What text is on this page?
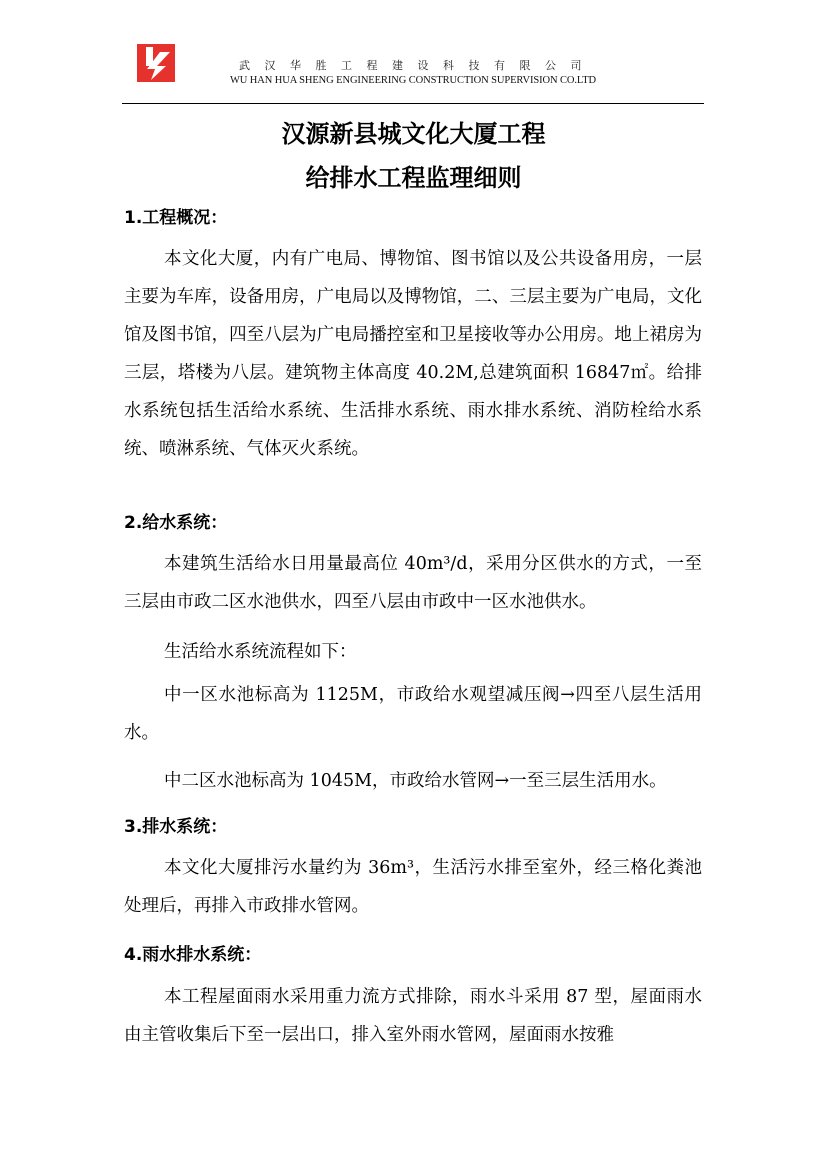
武 汉 华 胜 工 程 建 设 科 技 有 限 公 司
WU HAN HUA SHENG ENGINEERING CONSTRUCTION SUPERVISION CO.LTD
汉源新县城文化大厦工程
给排水工程监理细则
1.工程概况：

本文化大厦，内有广电局、博物馆、图书馆以及公共设备用房，一层主要为车库，设备用房，广电局以及博物馆，二、三层主要为广电局，文化馆及图书馆，四至八层为广电局播控室和卫星接收等办公用房。地上裙房为三层，塔楼为八层。建筑物主体高度 40.2M,总建筑面积 16847㎡。给排水系统包括生活给水系统、生活排水系统、雨水排水系统、消防栓给水系统、喷淋系统、气体灭火系统。

2.给水系统：

本建筑生活给水日用量最高位 40m³/d，采用分区供水的方式，一至三层由市政二区水池供水，四至八层由市政中一区水池供水。

生活给水系统流程如下：

中一区水池标高为 1125M，市政给水观望减压阀→四至八层生活用水。

中二区水池标高为 1045M，市政给水管网→一至三层生活用水。

3.排水系统：

本文化大厦排污水量约为 36m³，生活污水排至室外，经三格化粪池处理后，再排入市政排水管网。

4.雨水排水系统：

本工程屋面雨水采用重力流方式排除，雨水斗采用 87 型，屋面雨水由主管收集后下至一层出口，排入室外雨水管网，屋面雨水按雅
